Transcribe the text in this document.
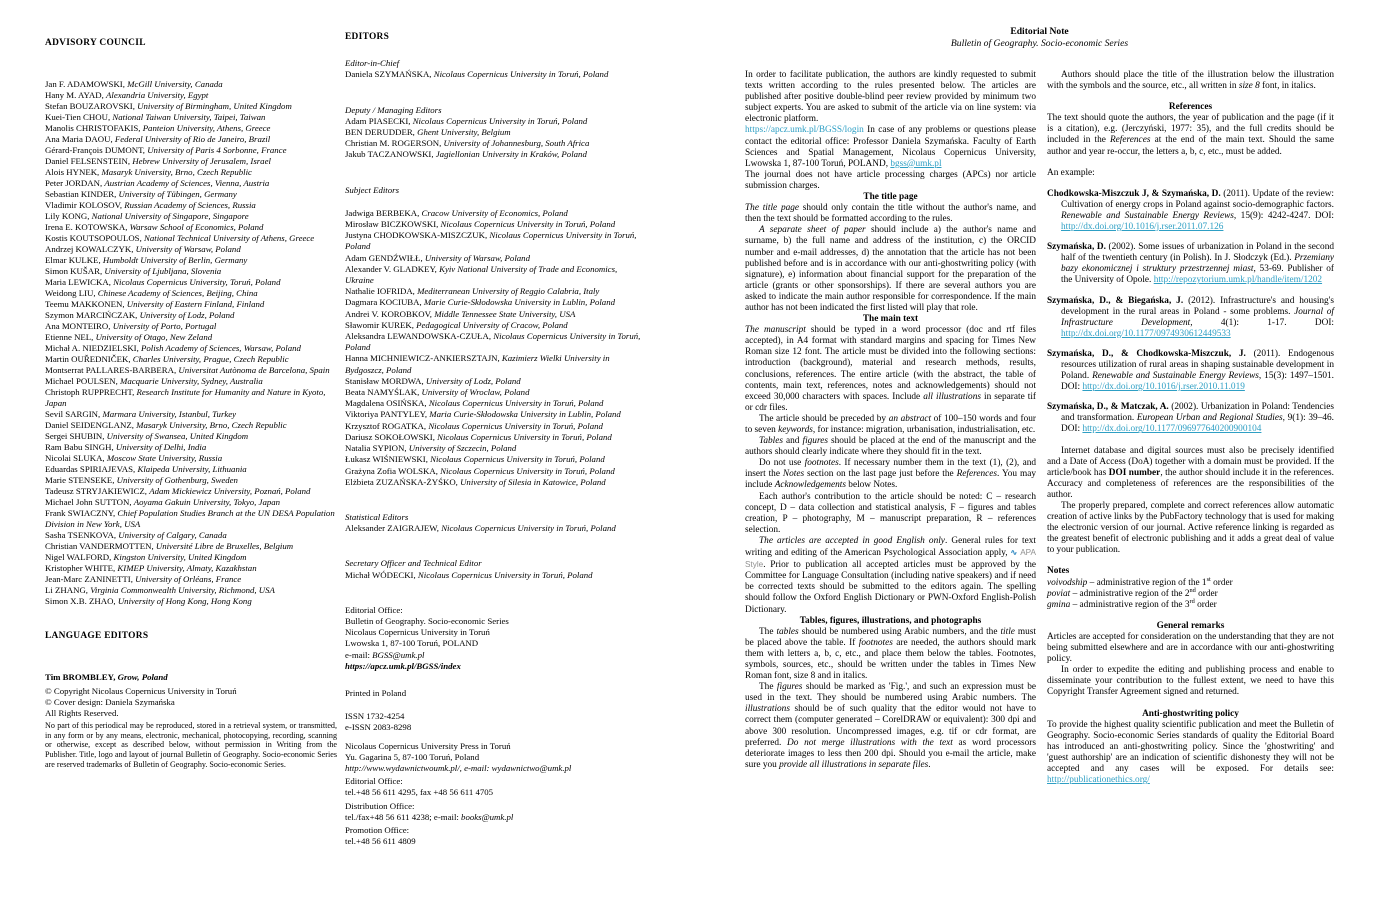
ADVISORY COUNCIL
Jan F. ADAMOWSKI, McGill University, Canada
Hany M. AYAD, Alexandria University, Egypt
Stefan BOUZAROVSKI, University of Birmingham, United Kingdom
Kuei-Tien CHOU, National Taiwan University, Taipei, Taiwan
Manolis CHRISTOFAKIS, Panteion University, Athens, Greece
Ana Maria DAOU, Federal University of Rio de Janeiro, Brazil
Gérard-François DUMONT, University of Paris 4 Sorbonne, France
Daniel FELSENSTEIN, Hebrew University of Jerusalem, Israel
Alois HYNEK, Masaryk University, Brno, Czech Republic
Peter JORDAN, Austrian Academy of Sciences, Vienna, Austria
Sebastian KINDER, University of Tübingen, Germany
Vladimir KOLOSOV, Russian Academy of Sciences, Russia
Lily KONG, National University of Singapore, Singapore
Irena E. KOTOWSKA, Warsaw School of Economics, Poland
Kostis KOUTSOPOULOS, National Technical University of Athens, Greece
Andrzej KOWALCZYK, University of Warsaw, Poland
Elmar KULKE, Humboldt University of Berlin, Germany
Simon KUŠAR, University of Ljubljana, Slovenia
Maria LEWICKA, Nicolaus Copernicus University, Toruń, Poland
Weidong LIU, Chinese Academy of Sciences, Beijing, China
Teemu MAKKONEN, University of Eastern Finland, Finland
Szymon MARCIŃCZAK, University of Lodz, Poland
Ana MONTEIRO, University of Porto, Portugal
Etienne NEL, University of Otago, New Zeland
Michał A. NIEDZIELSKI, Polish Academy of Sciences, Warsaw, Poland
Martin OUŘEDNIČEK, Charles University, Prague, Czech Republic
Montserrat PALLARES-BARBERA, Universitat Autònoma de Barcelona, Spain
Michael POULSEN, Macquarie University, Sydney, Australia
Christoph RUPPRECHT, Research Institute for Humanity and Nature in Kyoto, Japan
Sevil SARGIN, Marmara University, Istanbul, Turkey
Daniel SEIDENGLANZ, Masaryk University, Brno, Czech Republic
Sergei SHUBIN, University of Swansea, United Kingdom
Ram Babu SINGH, University of Delhi, India
Nicolai SLUKA, Moscow State University, Russia
Eduardas SPIRIAJEVAS, Klaipeda University, Lithuania
Marie STENSEKE, University of Gothenburg, Sweden
Tadeusz STRYJAKIEWICZ, Adam Mickiewicz University, Poznań, Poland
Michael John SUTTON, Aoyama Gakuin University, Tokyo, Japan
Frank SWIACZNY, Chief Population Studies Branch at the UN DESA Population Division in New York, USA
Sasha TSENKOVA, University of Calgary, Canada
Christian VANDERMOTTEN, Université Libre de Bruxelles, Belgium
Nigel WALFORD, Kingston University, United Kingdom
Kristopher WHITE, KIMEP University, Almaty, Kazakhstan
Jean-Marc ZANINETTI, University of Orléans, France
Li ZHANG, Virginia Commonwealth University, Richmond, USA
Simon X.B. ZHAO, University of Hong Kong, Hong Kong
LANGUAGE EDITORS
Tim BROMBLEY, Grow, Poland
© Copyright Nicolaus Copernicus University in Toruń
© Cover design: Daniela Szymańska
All Rights Reserved.

No part of this periodical may be reproduced, stored in a retrieval system, or transmitted, in any form or by any means, electronic, mechanical, photocopying, recording, scanning or otherwise, except as described below, without permission in Writing from the Publisher. Title, logo and layout of journal Bulletin of Geography. Socio-economic Series are reserved trademarks of Bulletin of Geography. Socio-economic Series.

EDITORS
Editor-in-Chief
Daniela SZYMAŃSKA, Nicolaus Copernicus University in Toruń, Poland
Deputy / Managing Editors
Adam PIASECKI, Nicolaus Copernicus University in Toruń, Poland
BEN DERUDDER, Ghent University, Belgium
Christian M. ROGERSON, University of Johannesburg, South Africa
Jakub TACZANOWSKI, Jagiellonian University in Kraków, Poland
Subject Editors
Jadwiga BERBEKA, Cracow University of Economics, Poland
Mirosław BICZKOWSKI, Nicolaus Copernicus University in Toruń, Poland
Justyna CHODKOWSKA-MISZCZUK, Nicolaus Copernicus University in Toruń, Poland
Adam GENDŹWIŁŁ, University of Warsaw, Poland
Alexander V. GLADKEY, Kyiv National University of Trade and Economics, Ukraine
Nathalie IOFRIDA, Mediterranean University of Reggio Calabria, Italy
Dagmara KOCIUBA, Marie Curie-Skłodowska University in Lublin, Poland
Andrei V. KOROBKOV, Middle Tennessee State University, USA
Sławomir KUREK, Pedagogical University of Cracow, Poland
Aleksandra LEWANDOWSKA-CZUŁA, Nicolaus Copernicus University in Toruń, Poland
Hanna MICHNIEWICZ-ANKIERSZTAJN, Kazimierz Wielki University in Bydgoszcz, Poland
Stanisław MORDWA, University of Lodz, Poland
Beata NAMYŚLAK, University of Wroclaw, Poland
Magdalena OSIŃSKA, Nicolaus Copernicus University in Toruń, Poland
Viktoriya PANTYLEY, Maria Curie-Skłodowska University in Lublin, Poland
Krzysztof ROGATKA, Nicolaus Copernicus University in Toruń, Poland
Dariusz SOKOŁOWSKI, Nicolaus Copernicus University in Toruń, Poland
Natalia SYPION, University of Szczecin, Poland
Łukasz WIŚNIEWSKI, Nicolaus Copernicus University in Toruń, Poland
Grażyna Zofia WOLSKA, Nicolaus Copernicus University in Toruń, Poland
Elżbieta ZUZAŃSKA-ŻYŚKO, University of Silesia in Katowice, Poland
Statistical Editors
Aleksander ZAIGRAJEW, Nicolaus Copernicus University in Toruń, Poland
Secretary Officer and Technical Editor
Michał WÓDECKI, Nicolaus Copernicus University in Toruń, Poland
Editorial Office:
Bulletin of Geography. Socio-economic Series
Nicolaus Copernicus University in Toruń
Lwowska 1, 87-100 Toruń, POLAND
e-mail: BGSS@umk.pl
https://apcz.umk.pl/BGSS/index
Printed in Poland
ISSN 1732-4254
e-ISSN 2083-8298
Nicolaus Copernicus University Press in Toruń
Yu. Gagarina 5, 87-100 Toruń, Poland
http://www.wydawnictwoumk.pl/, e-mail: wydawnictwo@umk.pl
Editorial Office:
tel.+48 56 611 4295, fax +48 56 611 4705
Distribution Office:
tel./fax+48 56 611 4238; e-mail: books@umk.pl
Promotion Office:
tel.+48 56 611 4809
Editorial Note
Bulletin of Geography. Socio-economic Series
In order to facilitate publication, the authors are kindly requested to submit texts written according to the rules presented below. The articles are published after positive double-blind peer review provided by minimum two subject experts. You are asked to submit of the article via on line system: via electronic platform.
https://apcz.umk.pl/BGSS/login In case of any problems or questions please contact the editorial office: Professor Daniela Szymańska. Faculty of Earth Sciences and Spatial Management, Nicolaus Copernicus University, Lwowska 1, 87-100 Toruń, POLAND, bgss@umk.pl
The journal does not have article processing charges (APCs) nor article submission charges.
The title page
The title page should only contain the title without the author's name, and then the text should be formatted according to the rules.
A separate sheet of paper should include a) the author's name and surname, b) the full name and address of the institution, c) the ORCID number and e-mail addresses, d) the annotation that the article has not been published before and is in accordance with our anti-ghostwriting policy (with signature), e) information about financial support for the preparation of the article (grants or other sponsorships). If there are several authors you are asked to indicate the main author responsible for correspondence. If the main author has not been indicated the first listed will play that role.
The main text
The manuscript should be typed in a word processor (doc and rtf files accepted), in A4 format with standard margins and spacing for Times New Roman size 12 font. The article must be divided into the following sections: introduction (background), material and research methods, results, conclusions, references. The entire article (with the abstract, the table of contents, main text, references, notes and acknowledgements) should not exceed 30,000 characters with spaces. Include all illustrations in separate tif or cdr files.
The article should be preceded by an abstract of 100–150 words and four to seven keywords, for instance: migration, urbanisation, industrialisation, etc.
Tables and figures should be placed at the end of the manuscript and the authors should clearly indicate where they should fit in the text.
Do not use footnotes. If necessary number them in the text (1), (2), and insert the Notes section on the last page just before the References. You may include Acknowledgements below Notes.
Each author's contribution to the article should be noted: C – research concept, D – data collection and statistical analysis, F – figures and tables creation, P – photography, M – manuscript preparation, R – references selection.
The articles are accepted in good English only. General rules for text writing and editing of the American Psychological Association apply, ∿ APA Style. Prior to publication all accepted articles must be approved by the Committee for Language Consultation (including native speakers) and if need be corrected texts should be submitted to the editors again. The spelling should follow the Oxford English Dictionary or PWN-Oxford English-Polish Dictionary.
Tables, figures, illustrations, and photographs
The tables should be numbered using Arabic numbers, and the title must be placed above the table. If footnotes are needed, the authors should mark them with letters a, b, c, etc., and place them below the tables. Footnotes, symbols, sources, etc., should be written under the tables in Times New Roman font, size 8 and in italics.
The figures should be marked as 'Fig.', and such an expression must be used in the text. They should be numbered using Arabic numbers. The illustrations should be of such quality that the editor would not have to correct them (computer generated – CorelDRAW or equivalent): 300 dpi and above 300 resolution. Uncompressed images, e.g. tif or cdr format, are preferred. Do not merge illustrations with the text as word processors deteriorate images to less then 200 dpi. Should you e-mail the article, make sure you provide all illustrations in separate files.
Authors should place the title of the illustration below the illustration with the symbols and the source, etc., all written in size 8 font, in italics.
References
The text should quote the authors, the year of publication and the page (if it is a citation), e.g. (Jerczyński, 1977: 35), and the full credits should be included in the References at the end of the main text. Should the same author and year re-occur, the letters a, b, c, etc., must be added.
An example:
Chodkowska-Miszczuk J, & Szymańska, D. (2011). Update of the review: Cultivation of energy crops in Poland against socio-demographic factors. Renewable and Sustainable Energy Reviews, 15(9): 4242-4247. DOI: http://dx.doi.org/10.1016/j.rser.2011.07.126
Szymańska, D. (2002). Some issues of urbanization in Poland in the second half of the twentieth century (in Polish). In J. Słodczyk (Ed.). Przemiany bazy ekonomicznej i struktury przestrzennej miast, 53-69. Publisher of the University of Opole. http://repozytorium.umk.pl/handle/item/1202
Szymańska, D., & Biegańska, J. (2012). Infrastructure's and housing's development in the rural areas in Poland - some problems. Journal of Infrastructure Development, 4(1): 1-17. DOI: http://dx.doi.org/10.1177/0974930612449533
Szymańska, D., & Chodkowska-Miszczuk, J. (2011). Endogenous resources utilization of rural areas in shaping sustainable development in Poland. Renewable and Sustainable Energy Reviews, 15(3): 1497–1501. DOI: http://dx.doi.org/10.1016/j.rser.2010.11.019
Szymańska, D., & Matczak, A. (2002). Urbanization in Poland: Tendencies and transformation. European Urban and Regional Studies, 9(1): 39–46. DOI: http://dx.doi.org/10.1177/096977640200900104
Internet database and digital sources must also be precisely identified and a Date of Access (DoA) together with a domain must be provided. If the article/book has DOI number, the author should include it in the references. Accuracy and completeness of references are the responsibilities of the author.
The properly prepared, complete and correct references allow automatic creation of active links by the PubFactory technology that is used for making the electronic version of our journal. Active reference linking is regarded as the greatest benefit of electronic publishing and it adds a great deal of value to your publication.
Notes
voivodship – administrative region of the 1st order
poviat – administrative region of the 2nd order
gmina – administrative region of the 3rd order
General remarks
Articles are accepted for consideration on the understanding that they are not being submitted elsewhere and are in accordance with our anti-ghostwriting policy.
In order to expedite the editing and publishing process and enable to disseminate your contribution to the fullest extent, we need to have this Copyright Transfer Agreement signed and returned.
Anti-ghostwriting policy
To provide the highest quality scientific publication and meet the Bulletin of Geography. Socio-economic Series standards of quality the Editorial Board has introduced an anti-ghostwriting policy. Since the 'ghostwriting' and 'guest authorship' are an indication of scientific dishonesty they will not be accepted and any cases will be exposed. For details see: http://publicationethics.org/
